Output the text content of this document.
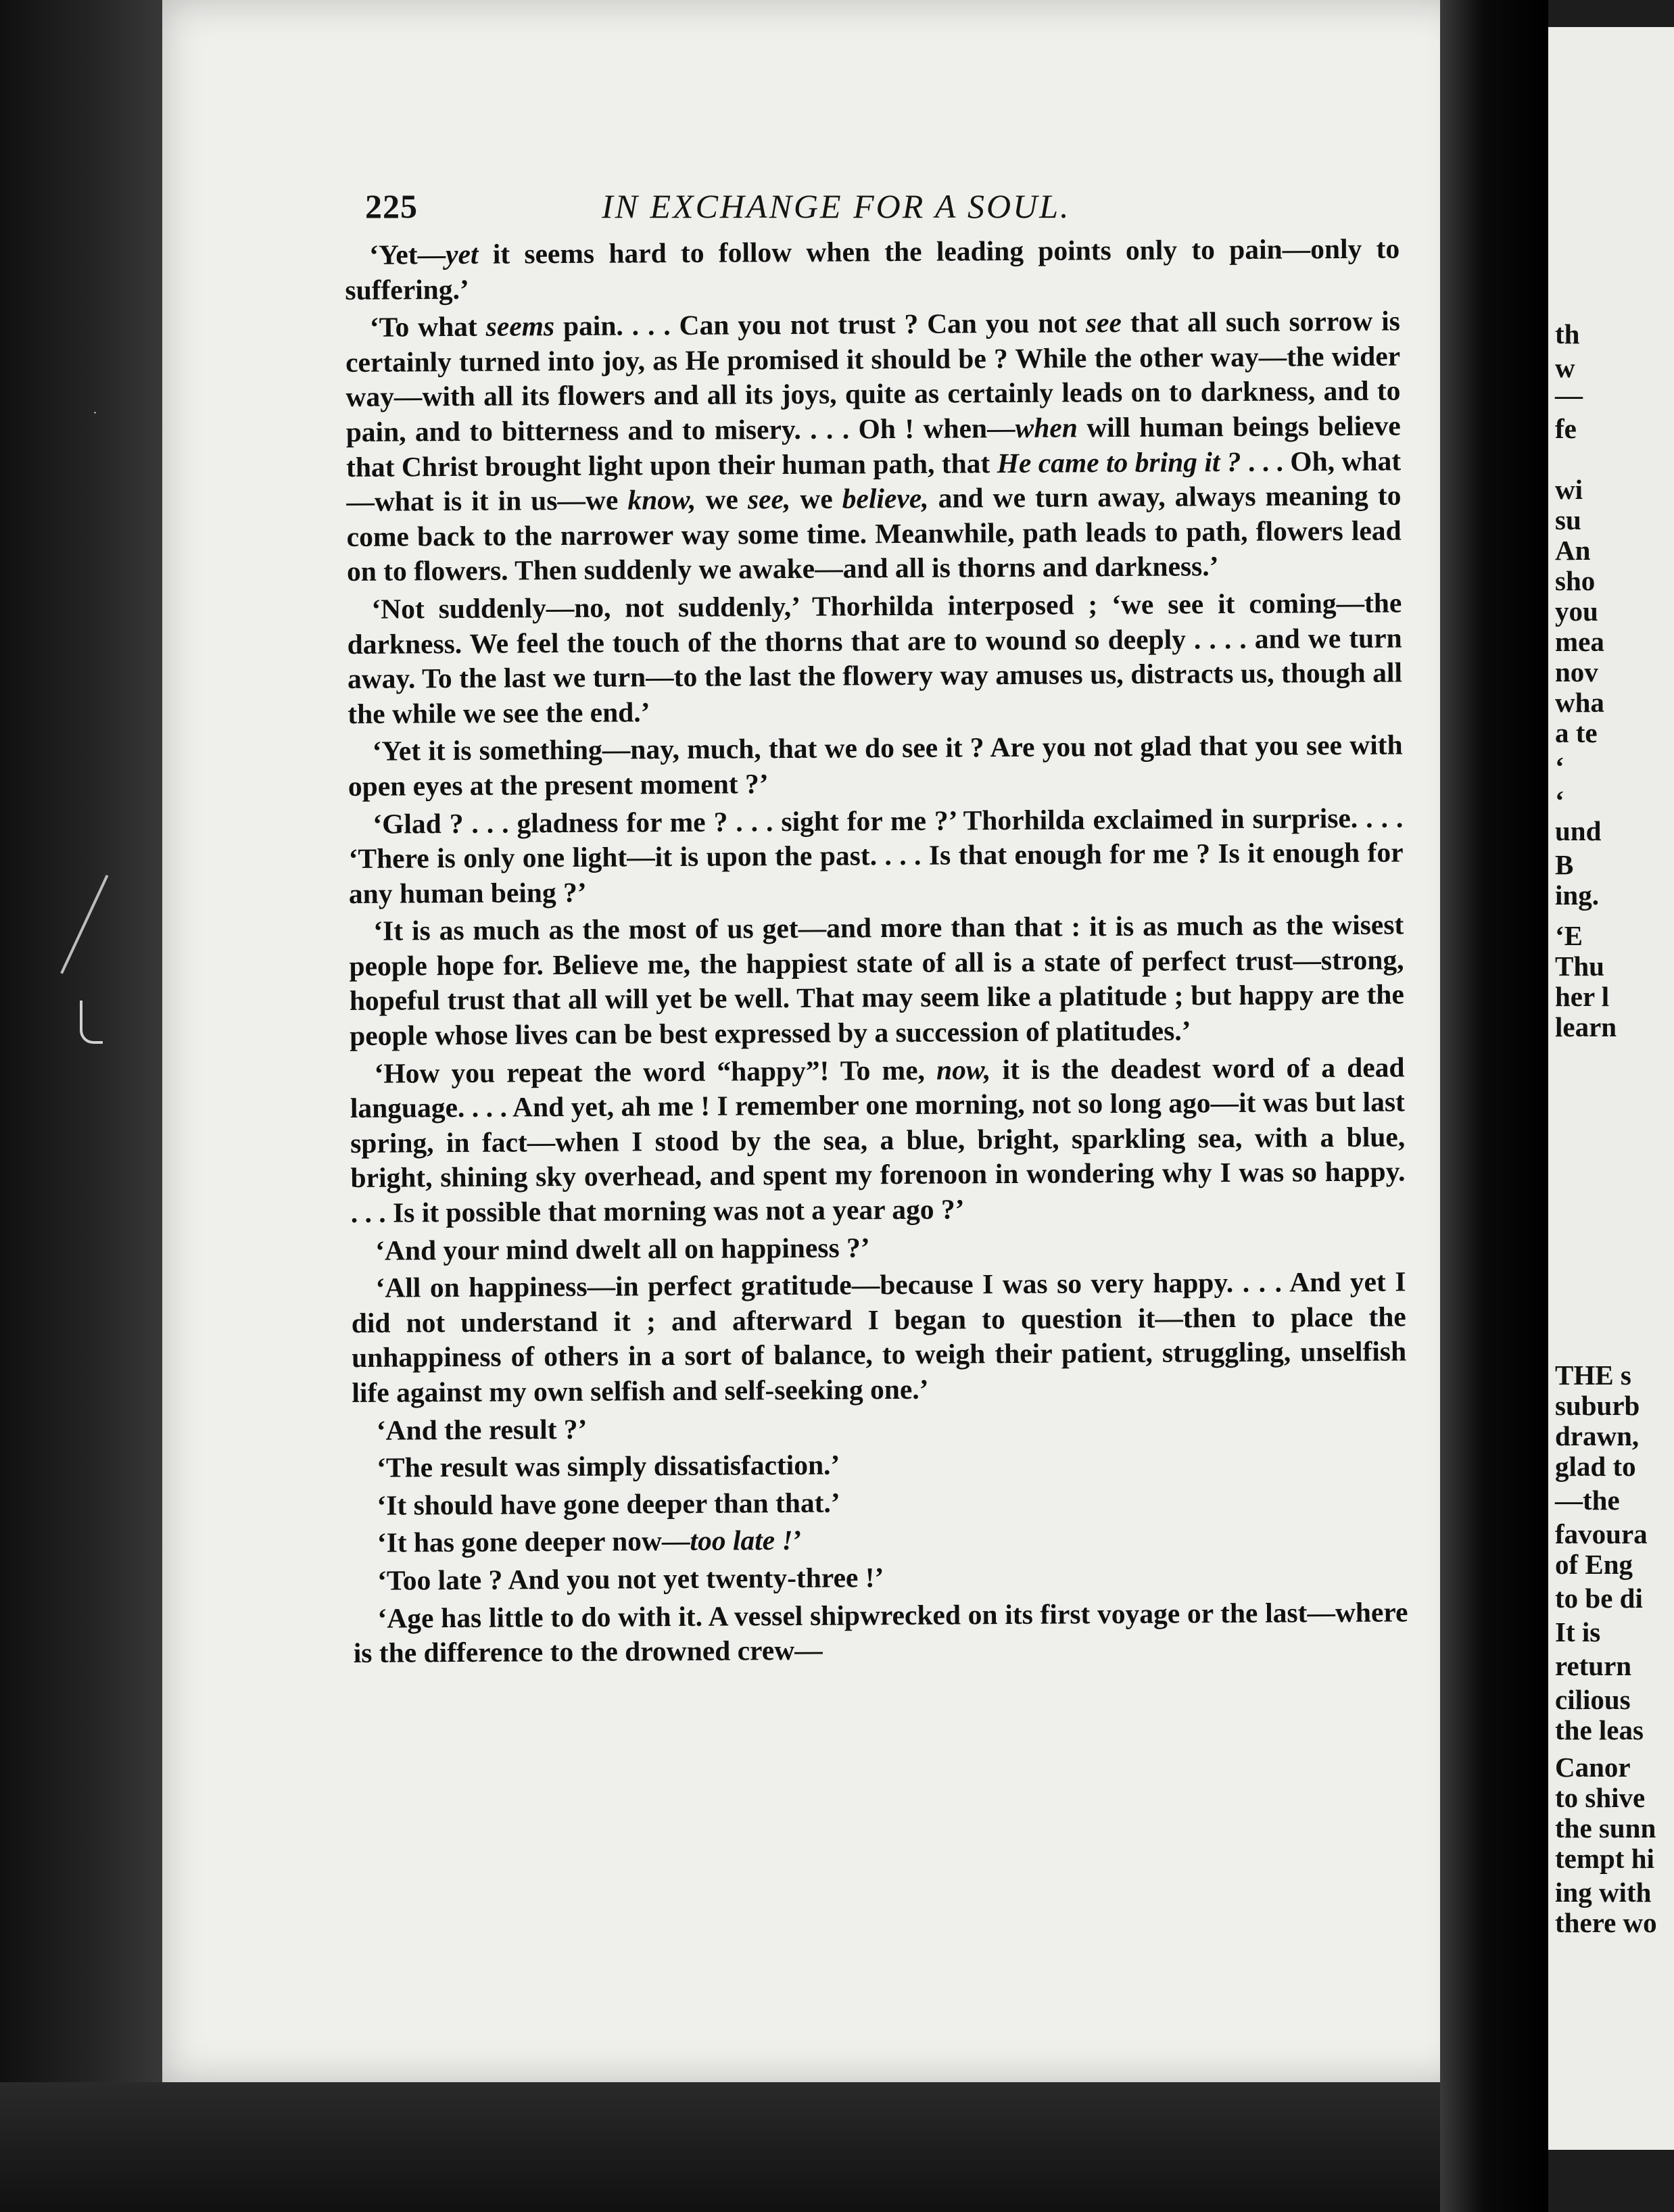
∙
225	IN EXCHANGE FOR A SOUL.

‘Yet—yet it seems hard to follow when the leading points only to pain—only to suffering.’

‘To what seems pain. . . . Can you not trust ? Can you not see that all such sorrow is certainly turned into joy, as He promised it should be ? While the other way—the wider way—with all its flowers and all its joys, quite as certainly leads on to darkness, and to pain, and to bitterness and to misery. . . . Oh ! when—when will human beings believe that Christ brought light upon their human path, that He came to bring it ? . . . Oh, what—what is it in us—we know, we see, we believe, and we turn away, always meaning to come back to the narrower way some time. Meanwhile, path leads to path, flowers lead on to flowers. Then suddenly we awake—and all is thorns and darkness.’

‘Not suddenly—no, not suddenly,’ Thorhilda interposed ; ‘we see it coming—the darkness. We feel the touch of the thorns that are to wound so deeply . . . . and we turn away. To the last we turn—to the last the flowery way amuses us, distracts us, though all the while we see the end.’

‘Yet it is something—nay, much, that we do see it ? Are you not glad that you see with open eyes at the present moment ?’

‘Glad ? . . . gladness for me ? . . . sight for me ?’ Thorhilda exclaimed in surprise. . . . ‘There is only one light—it is upon the past. . . . Is that enough for me ? Is it enough for any human being ?’

‘It is as much as the most of us get—and more than that : it is as much as the wisest people hope for. Believe me, the happiest state of all is a state of perfect trust—strong, hopeful trust that all will yet be well. That may seem like a platitude ; but happy are the people whose lives can be best expressed by a succession of platitudes.’

‘How you repeat the word “happy”! To me, now, it is the deadest word of a dead language. . . . And yet, ah me ! I remember one morning, not so long ago—it was but last spring, in fact—when I stood by the sea, a blue, bright, sparkling sea, with a blue, bright, shining sky overhead, and spent my forenoon in wondering why I was so happy. . . . Is it possible that morning was not a year ago ?’

‘And your mind dwelt all on happiness ?’

‘All on happiness—in perfect gratitude—because I was so very happy. . . . And yet I did not understand it ; and afterward I began to question it—then to place the unhappiness of others in a sort of balance, to weigh their patient, struggling, unselfish life against my own selfish and self-seeking one.’

‘And the result ?’

‘The result was simply dissatisfaction.’

‘It should have gone deeper than that.’

‘It has gone deeper now—too late !’

‘Too late ? And you not yet twenty-three !’

‘Age has little to do with it. A vessel shipwrecked on its first voyage or the last—where is the difference to the drowned crew—

th
w
—
fe
wi
su
An
sho
you
mea
nov
wha
a te
‘
‘
und
B
ing.
‘E
Thu
her l
learn
THE s
suburb
drawn,
glad to
—the
favoura
of Eng
to be di
It is
return
cilious
the leas
Canor
to shive
the sunn
tempt hi
ing with
there wo
